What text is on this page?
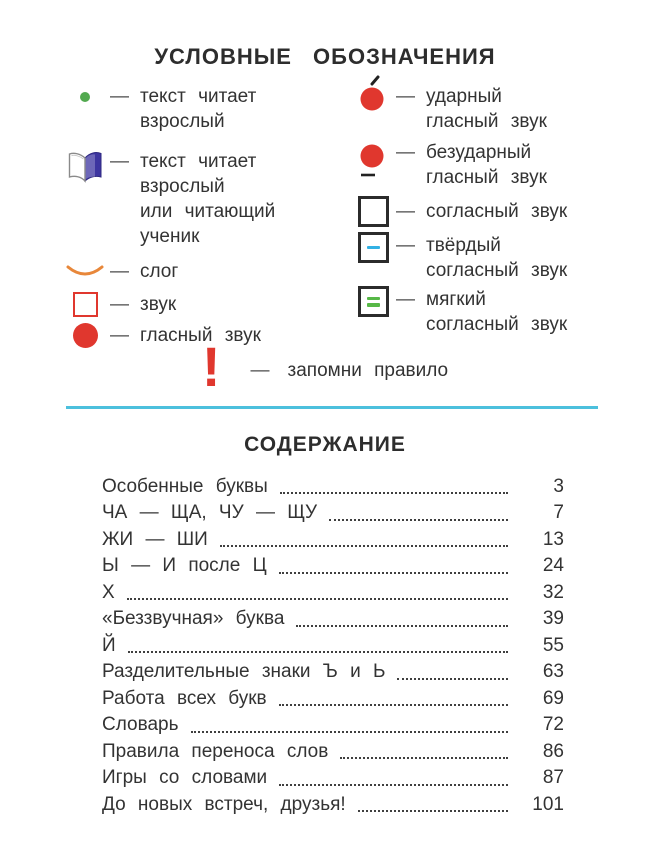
УСЛОВНЫЕ ОБОЗНАЧЕНИЯ
— текст читает
взрослый
— текст читает
взрослый
или читающий
ученик
— слог
— звук
— гласный звук
— ударный
гласный звук
— безударный
гласный звук
— согласный звук
— твёрдый
согласный звук
— мягкий
согласный звук
! — запомни правило
СОДЕРЖАНИЕ
Особенные буквы	3
ЧА — ЩА, ЧУ — ЩУ	7
ЖИ — ШИ	13
Ы — И после Ц	24
Х	32
«Беззвучная» буква	39
Й	55
Разделительные знаки Ъ и Ь	63
Работа всех букв	69
Словарь	72
Правила переноса слов	86
Игры со словами	87
До новых встреч, друзья!	101
